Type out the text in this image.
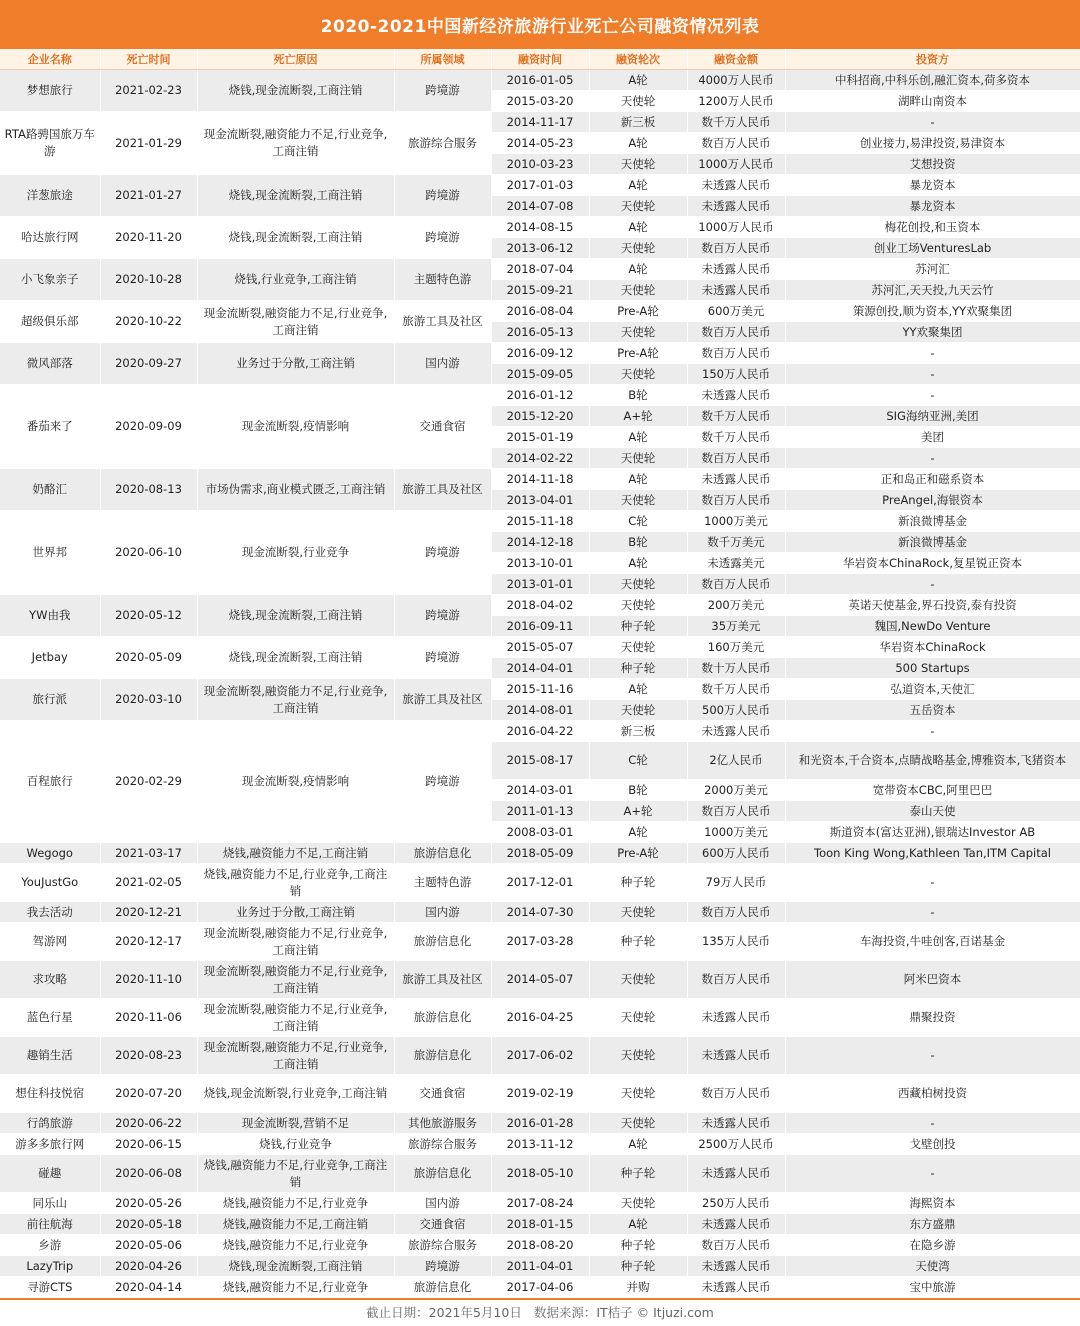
2020-2021中国新经济旅游行业死亡公司融资情况列表
企业名称	死亡时间	死亡原因	所属领域	融资时间	融资轮次	融资金额	投资方
梦想旅行	2021-02-23	烧钱,现金流断裂,工商注销	跨境游	2016-01-05	A轮	4000万人民币	中科招商,中科乐创,融汇资本,荷多资本
				2015-03-20	天使轮	1200万人民币	湖畔山南资本
RTA路骋国旅万车游	2021-01-29	现金流断裂,融资能力不足,行业竞争,工商注销	旅游综合服务	2014-11-17	新三板	数千万人民币	-
				2014-05-23	A轮	数百万人民币	创业接力,易津投资,易津资本
				2010-03-23	天使轮	1000万人民币	艾想投资
洋葱旅途	2021-01-27	烧钱,现金流断裂,工商注销	跨境游	2017-01-03	A轮	未透露人民币	暴龙资本
				2014-07-08	天使轮	未透露人民币	暴龙资本
哈达旅行网	2020-11-20	烧钱,现金流断裂,工商注销	跨境游	2014-08-15	A轮	1000万人民币	梅花创投,和玉资本
				2013-06-12	天使轮	数百万人民币	创业工场VenturesLab
小飞象亲子	2020-10-28	烧钱,行业竞争,工商注销	主题特色游	2018-07-04	A轮	未透露人民币	苏河汇
				2015-09-21	天使轮	未透露人民币	苏河汇,天天投,九天云竹
超级俱乐部	2020-10-22	现金流断裂,融资能力不足,行业竞争,工商注销	旅游工具及社区	2016-08-04	Pre-A轮	600万美元	策源创投,顺为资本,YY欢聚集团
				2016-05-13	天使轮	数百万人民币	YY欢聚集团
微风部落	2020-09-27	业务过于分散,工商注销	国内游	2016-09-12	Pre-A轮	数百万人民币	-
				2015-09-05	天使轮	150万人民币	-
番茄来了	2020-09-09	现金流断裂,疫情影响	交通食宿	2016-01-12	B轮	未透露人民币	-
				2015-12-20	A+轮	数千万人民币	SIG海纳亚洲,美团
				2015-01-19	A轮	数千万人民币	美团
				2014-02-22	天使轮	数百万人民币	-
奶酪汇	2020-08-13	市场伪需求,商业模式匮乏,工商注销	旅游工具及社区	2014-11-18	A轮	未透露人民币	正和岛正和磁系资本
				2013-04-01	天使轮	数百万人民币	PreAngel,海银资本
世界邦	2020-06-10	现金流断裂,行业竞争	跨境游	2015-11-18	C轮	1000万美元	新浪微博基金
				2014-12-18	B轮	数千万美元	新浪微博基金
				2013-10-01	A轮	未透露美元	华岩资本ChinaRock,复星锐正资本
				2013-01-01	天使轮	数百万人民币	-
YW由我	2020-05-12	烧钱,现金流断裂,工商注销	跨境游	2018-04-02	天使轮	200万美元	英诺天使基金,界石投资,泰有投资
				2016-09-11	种子轮	35万美元	魏国,NewDo Venture
Jetbay	2020-05-09	烧钱,现金流断裂,工商注销	跨境游	2015-05-07	天使轮	160万美元	华岩资本ChinaRock
				2014-04-01	种子轮	数十万人民币	500 Startups
旅行派	2020-03-10	现金流断裂,融资能力不足,行业竞争,工商注销	旅游工具及社区	2015-11-16	A轮	数千万人民币	弘道资本,天使汇
				2014-08-01	天使轮	500万人民币	五岳资本
百程旅行	2020-02-29	现金流断裂,疫情影响	跨境游	2016-04-22	新三板	未透露人民币	-
				2015-08-17	C轮	2亿人民币	和光资本,千合资本,点睛战略基金,博雅资本,飞猪资本
				2014-03-01	B轮	2000万美元	宽带资本CBC,阿里巴巴
				2011-01-13	A+轮	数百万人民币	泰山天使
				2008-03-01	A轮	1000万美元	斯道资本(富达亚洲),银瑞达Investor AB
Wegogo	2021-03-17	烧钱,融资能力不足,工商注销	旅游信息化	2018-05-09	Pre-A轮	600万人民币	Toon King Wong,Kathleen Tan,ITM Capital
YouJustGo	2021-02-05	烧钱,融资能力不足,行业竞争,工商注销	主题特色游	2017-12-01	种子轮	79万人民币	-
我去活动	2020-12-21	业务过于分散,工商注销	国内游	2014-07-30	天使轮	数百万人民币	-
驾游网	2020-12-17	现金流断裂,融资能力不足,行业竞争,工商注销	旅游信息化	2017-03-28	种子轮	135万人民币	车海投资,牛哇创客,百诺基金
求攻略	2020-11-10	现金流断裂,融资能力不足,行业竞争,工商注销	旅游工具及社区	2014-05-07	天使轮	数百万人民币	阿米巴资本
蓝色行星	2020-11-06	现金流断裂,融资能力不足,行业竞争,工商注销	旅游信息化	2016-04-25	天使轮	未透露人民币	鼎聚投资
趣销生活	2020-08-23	现金流断裂,融资能力不足,行业竞争,工商注销	旅游信息化	2017-06-02	天使轮	未透露人民币	-
想住科技悦宿	2020-07-20	烧钱,现金流断裂,行业竞争,工商注销	交通食宿	2019-02-19	天使轮	数百万人民币	西藏柏树投资
行鸽旅游	2020-06-22	现金流断裂,营销不足	其他旅游服务	2016-01-28	天使轮	未透露人民币	-
游多多旅行网	2020-06-15	烧钱,行业竞争	旅游综合服务	2013-11-12	A轮	2500万人民币	戈壁创投
碰趣	2020-06-08	烧钱,融资能力不足,行业竞争,工商注销	旅游信息化	2018-05-10	种子轮	未透露人民币	-
同乐山	2020-05-26	烧钱,融资能力不足,行业竞争	国内游	2017-08-24	天使轮	250万人民币	海熙资本
前往航海	2020-05-18	烧钱,融资能力不足,工商注销	交通食宿	2018-01-15	A轮	未透露人民币	东方盛鼎
乡游	2020-05-06	烧钱,融资能力不足,行业竞争	旅游综合服务	2018-08-20	种子轮	数百万人民币	在隐乡游
LazyTrip	2020-04-26	烧钱,现金流断裂,工商注销	跨境游	2011-04-01	种子轮	未透露人民币	天使湾
寻游CTS	2020-04-14	烧钱,融资能力不足,行业竞争	旅游信息化	2017-04-06	并购	未透露人民币	宝中旅游
截止日期：2021年5月10日 数据来源：IT桔子 © Itjuzi.com
